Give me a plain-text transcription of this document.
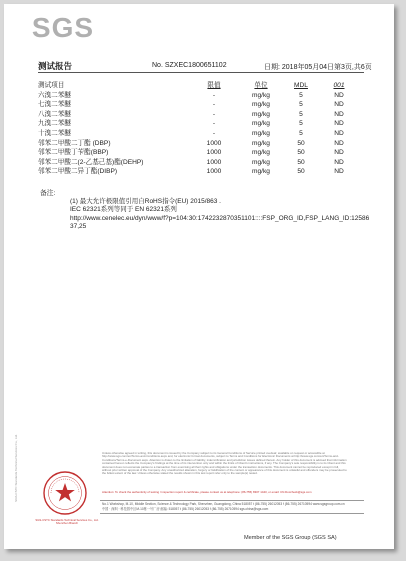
SGS
测试报告	No. SZXEC1800651102	日期: 2018年05月04日 第3页,共6页
测试项目	限值	单位	MDL	001
六溴二苯醚	-	mg/kg	5	ND
七溴二苯醚	-	mg/kg	5	ND
八溴二苯醚	-	mg/kg	5	ND
九溴二苯醚	-	mg/kg	5	ND
十溴二苯醚	-	mg/kg	5	ND
邻苯二甲酸二丁酯 (DBP)	1000	mg/kg	50	ND
邻苯二甲酸丁苄酯(BBP)	1000	mg/kg	50	ND
邻苯二甲酸二(2-乙基己基)酯(DEHP)	1000	mg/kg	50	ND
邻苯二甲酸二异丁酯(DIBP)	1000	mg/kg	50	ND
备注:
(1) 最大允许极限值引用自RoHS指令(EU) 2015/863 .
IEC 62321系列等同于 EN 62321系列
http://www.cenelec.eu/dyn/www/f?p=104:30:1742232870351101::::FSP_ORG_ID,FSP_LANG_ID:1258637,25
SGS-CSTC Standards Technical Services Co., Ltd.	Unless otherwise agreed in writing, this document is issued by the Company subject to its General Conditions of Service printed overleaf, available on request or accessible at http://www.sgs.com/en/Terms-and-Conditions.aspx and, for electronic format documents, subject to Terms and Conditions for Electronic Documents at http://www.sgs.com/en/Terms-and-Conditions/Terms-e-Document.aspx. Attention is drawn to the limitation of liability, indemnification and jurisdiction issues defined therein. Any holder of this document is advised that information contained hereon reflects the Company's findings at the time of its intervention only and within the limits of Client's instructions, if any. The Company's sole responsibility is to its Client and this document does not exonerate parties to a transaction from exercising all their rights and obligations under the transaction documents. This document cannot be reproduced except in full, without prior written approval of the Company. Any unauthorized alteration, forgery or falsification of the content or appearance of this document is unlawful and offenders may be prosecuted to the fullest extent of the law. Unless otherwise stated the results shown in this test report refer only to the sample(s) tested.
Attention: To check the authenticity of testing / inspection report & certificate, please contact us at telephone: (86-755) 8307 1443, or email: CN.Doccheck@sgs.com
No.1 Workshop, M-10, Middle Section, Science & Technology Park, Shenzhen, Guangdong, China 518057 t (86-755) 26012053 f (86-755) 26710594 www.sgsgroup.com.cn
中国 · 深圳 · 科技园中区M-10栋一号厂房 邮编: 518057 t (86-755) 26012053 f (86-755) 26710594 sgs.china@sgs.com
SGS-CSTC Standards Technical Services Co., Ltd. Shenzhen Branch
Member of the SGS Group (SGS SA)
